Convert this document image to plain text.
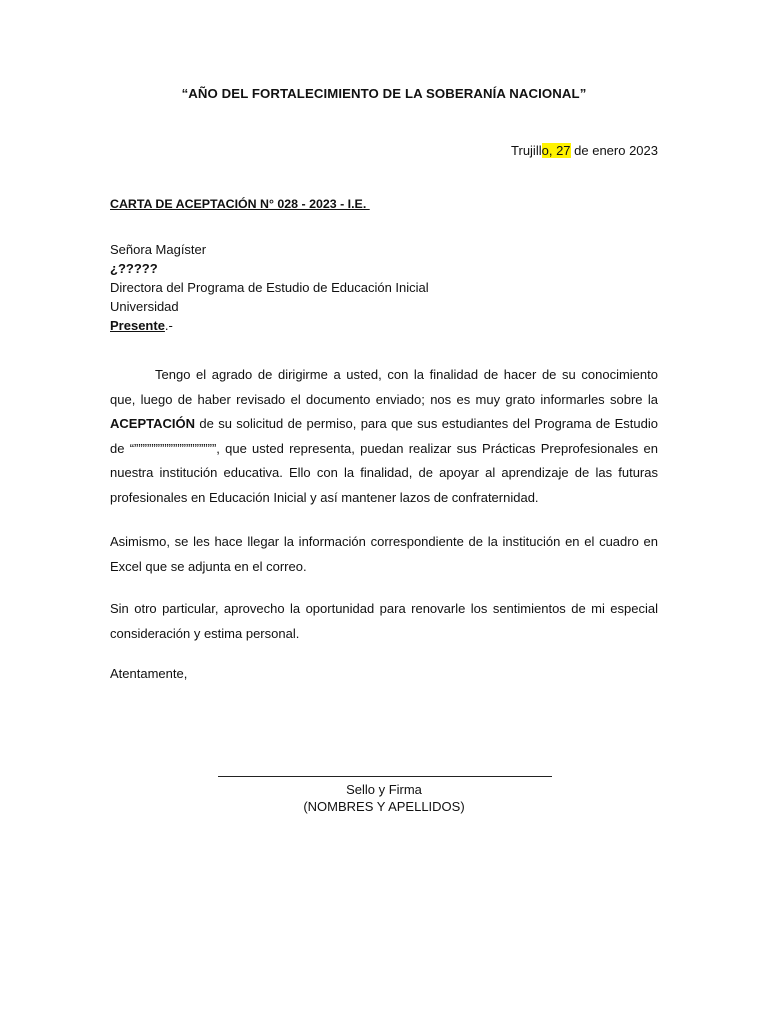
“AÑO DEL FORTALECIMIENTO DE LA SOBERANÍA NACIONAL”
Trujillo, 27 de enero 2023
CARTA DE ACEPTACIÓN N° 028 - 2023 - I.E.
Señora Magíster
¿?????
Directora del Programa de Estudio de Educación Inicial
Universidad
Presente.-
Tengo el agrado de dirigirme a usted, con la finalidad de hacer de su conocimiento que, luego de haber revisado el documento enviado; nos es muy grato informarles sobre la ACEPTACIÓN de su solicitud de permiso, para que sus estudiantes del Programa de Estudio de “”””””””””””””””””””, que usted representa, puedan realizar sus Prácticas Preprofesionales en nuestra institución educativa. Ello con la finalidad, de apoyar al aprendizaje de las futuras profesionales en Educación Inicial y así mantener lazos de confraternidad.
Asimismo, se les hace llegar la información correspondiente de la institución en el cuadro en Excel que se adjunta en el correo.
Sin otro particular, aprovecho la oportunidad para renovarle los sentimientos de mi especial consideración y estima personal.
Atentamente,
Sello y Firma
(NOMBRES Y APELLIDOS)
